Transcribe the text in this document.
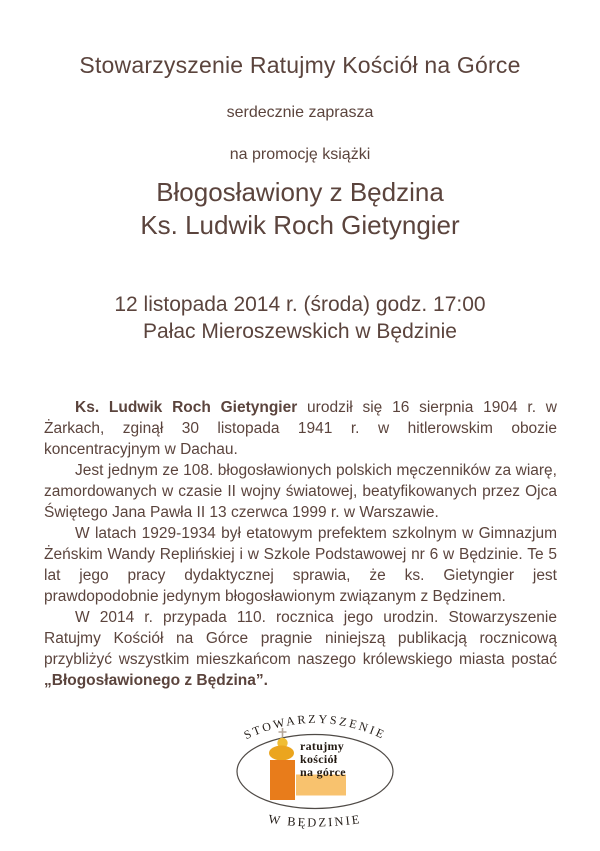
Stowarzyszenie Ratujmy Kościół na Górce
serdecznie zaprasza
na promocję książki
Błogosławiony z Będzina
Ks. Ludwik Roch Gietyngier
12 listopada 2014 r. (środa) godz. 17:00
Pałac Mieroszewskich w Będzinie

Ks. Ludwik Roch Gietyngier urodził się 16 sierpnia 1904 r. w Żarkach, zginął 30 listopada 1941 r. w hitlerowskim obozie koncentracyjnym w Dachau.

Jest jednym ze 108. błogosławionych polskich męczenników za wiarę, zamordowanych w czasie II wojny światowej, beatyfikowanych przez Ojca Świętego Jana Pawła II 13 czerwca 1999 r. w Warszawie.

W latach 1929-1934 był etatowym prefektem szkolnym w Gimnazjum Żeńskim Wandy Replińskiej i w Szkole Podstawowej nr 6 w Będzinie. Te 5 lat jego pracy dydaktycznej sprawia, że ks. Gietyngier jest prawdopodobnie jedynym błogosławionym związanym z Będzinem.

W 2014 r. przypada 110. rocznica jego urodzin. Stowarzyszenie Ratujmy Kościół na Górce pragnie niniejszą publikacją rocznicową przybliżyć wszystkim mieszkańcom naszego królewskiego miasta postać „Błogosławionego z Będzina”.

STOWARZYSZENIE
ratujmy
kościół
na górce
W BĘDZINIE
